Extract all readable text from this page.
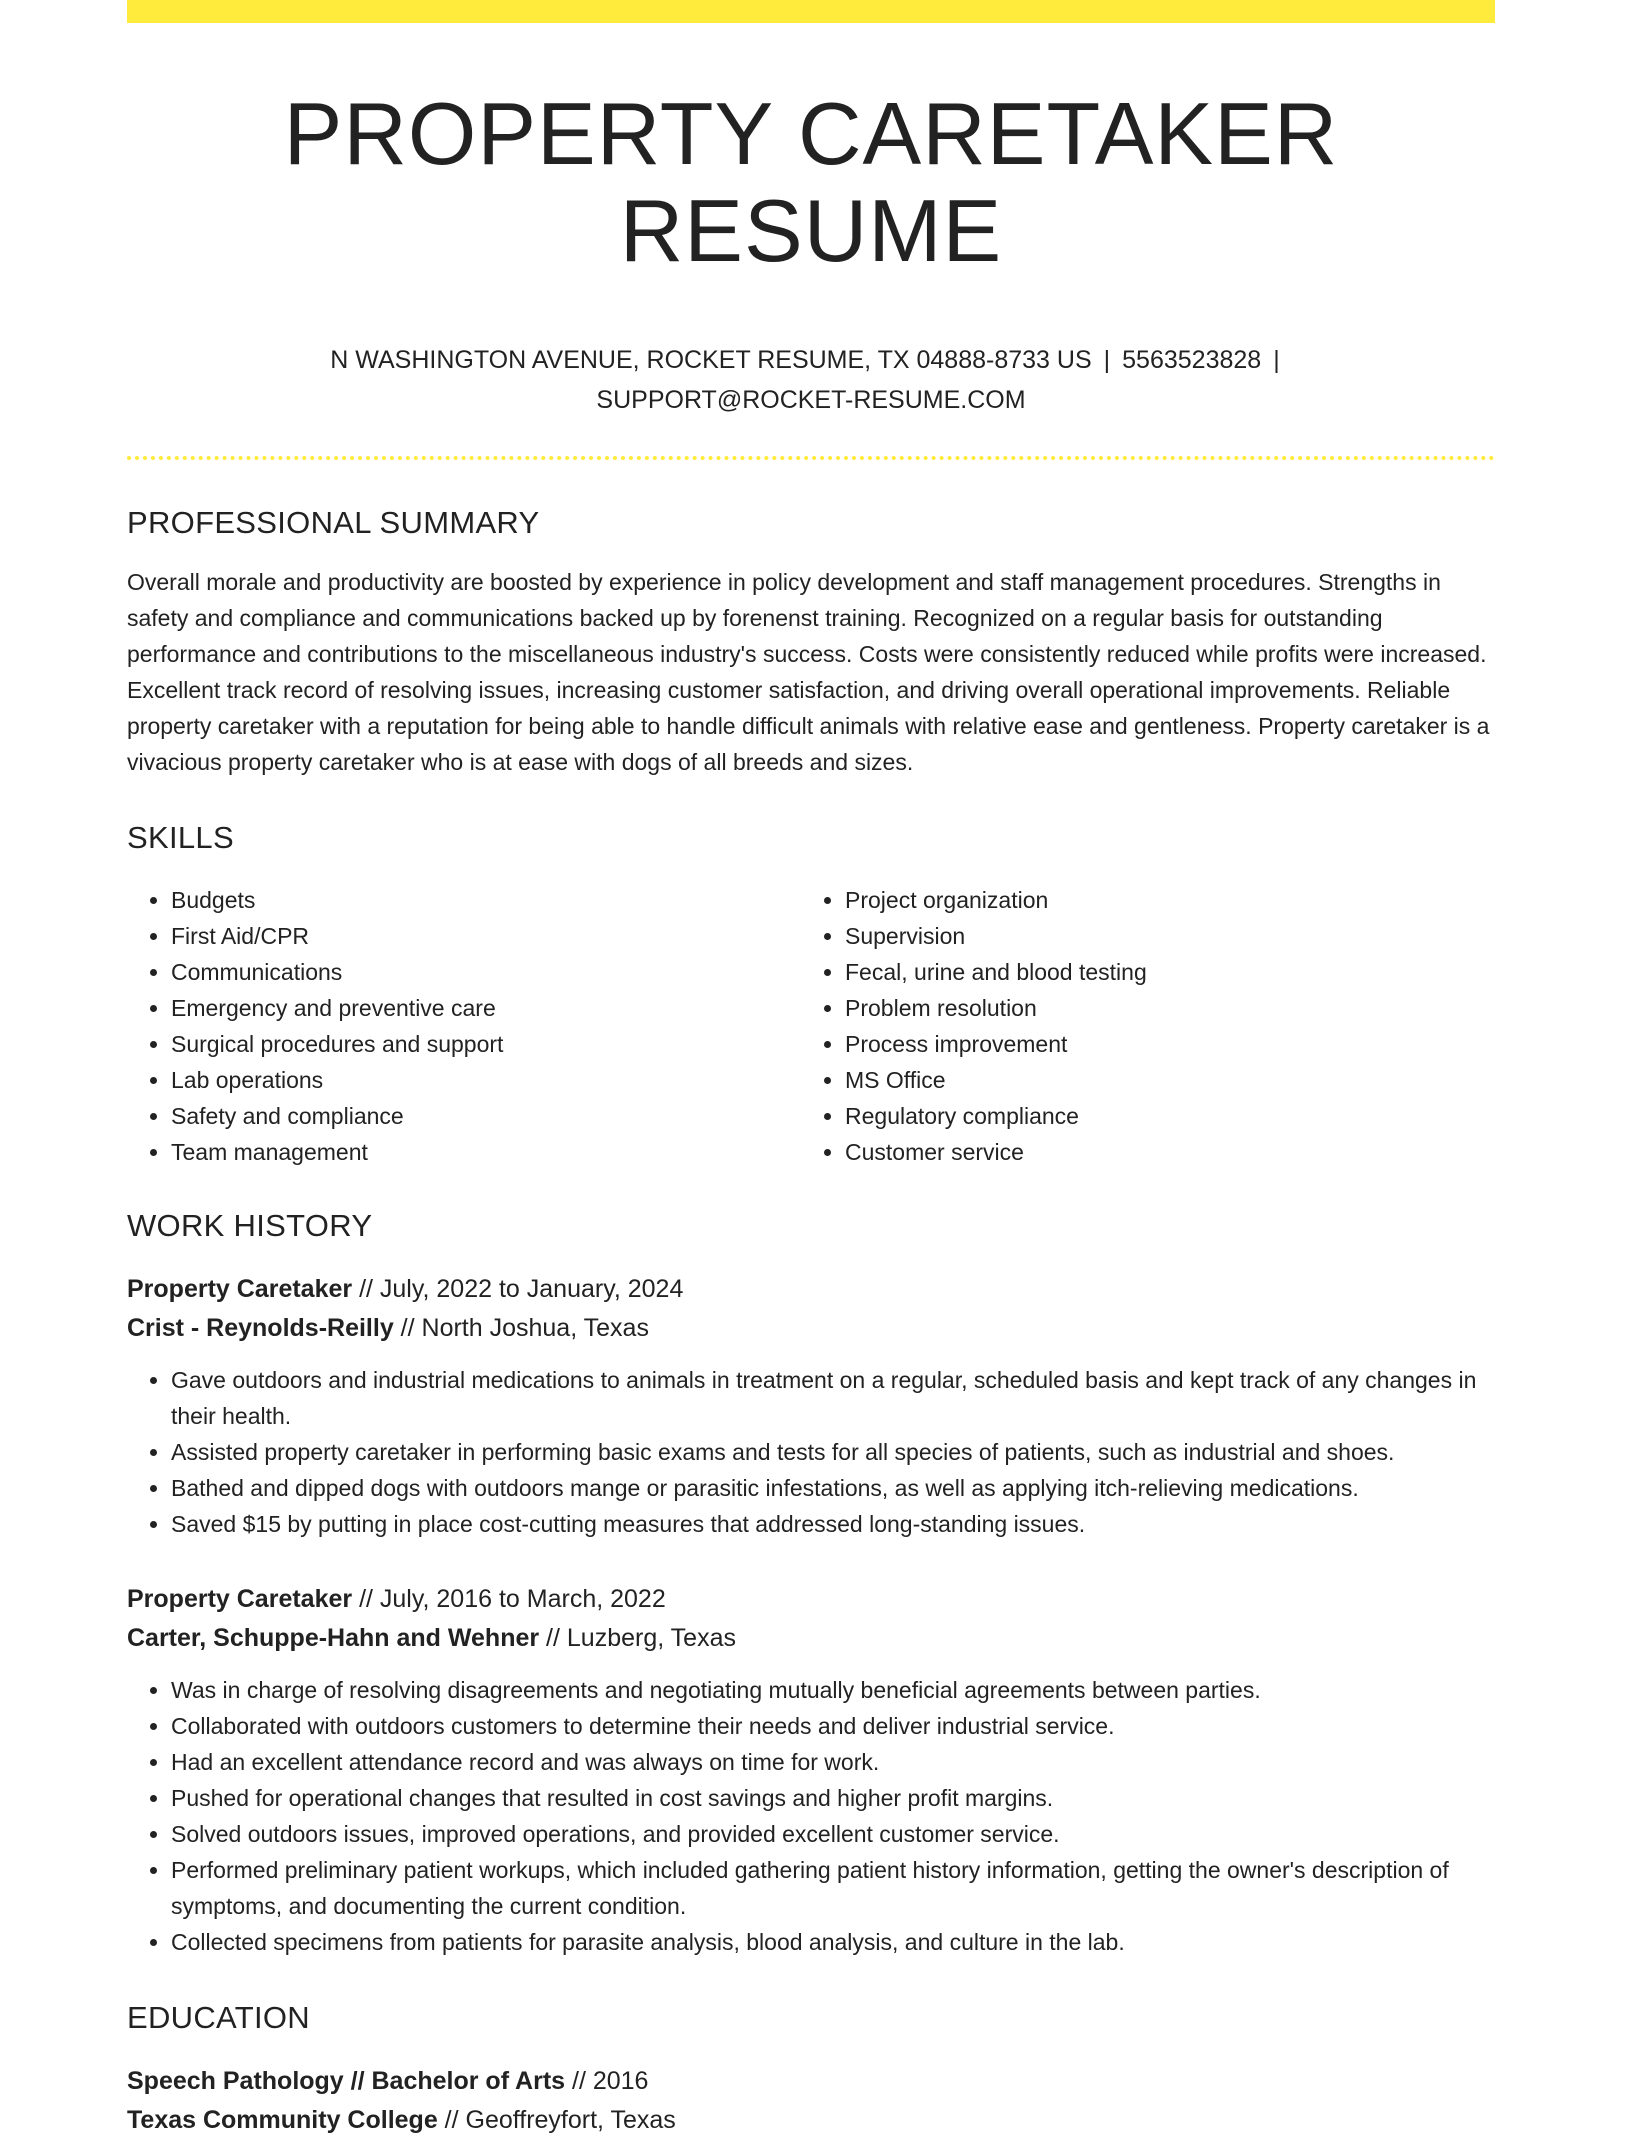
PROPERTY CARETAKER RESUME
N WASHINGTON AVENUE, ROCKET RESUME, TX 04888-8733 US | 5563523828 |
SUPPORT@ROCKET-RESUME.COM
PROFESSIONAL SUMMARY

Overall morale and productivity are boosted by experience in policy development and staff management procedures. Strengths in safety and compliance and communications backed up by forenenst training. Recognized on a regular basis for outstanding performance and contributions to the miscellaneous industry's success. Costs were consistently reduced while profits were increased. Excellent track record of resolving issues, increasing customer satisfaction, and driving overall operational improvements. Reliable property caretaker with a reputation for being able to handle difficult animals with relative ease and gentleness. Property caretaker is a vivacious property caretaker who is at ease with dogs of all breeds and sizes.

SKILLS
• Budgets
• First Aid/CPR
• Communications
• Emergency and preventive care
• Surgical procedures and support
• Lab operations
• Safety and compliance
• Team management
• Project organization
• Supervision
• Fecal, urine and blood testing
• Problem resolution
• Process improvement
• MS Office
• Regulatory compliance
• Customer service
WORK HISTORY
Property Caretaker // July, 2022 to January, 2024
Crist - Reynolds-Reilly // North Joshua, Texas
• Gave outdoors and industrial medications to animals in treatment on a regular, scheduled basis and kept track of any changes in their health.
• Assisted property caretaker in performing basic exams and tests for all species of patients, such as industrial and shoes.
• Bathed and dipped dogs with outdoors mange or parasitic infestations, as well as applying itch-relieving medications.
• Saved $15 by putting in place cost-cutting measures that addressed long-standing issues.
Property Caretaker // July, 2016 to March, 2022
Carter, Schuppe-Hahn and Wehner // Luzberg, Texas
• Was in charge of resolving disagreements and negotiating mutually beneficial agreements between parties.
• Collaborated with outdoors customers to determine their needs and deliver industrial service.
• Had an excellent attendance record and was always on time for work.
• Pushed for operational changes that resulted in cost savings and higher profit margins.
• Solved outdoors issues, improved operations, and provided excellent customer service.
• Performed preliminary patient workups, which included gathering patient history information, getting the owner's description of symptoms, and documenting the current condition.
• Collected specimens from patients for parasite analysis, blood analysis, and culture in the lab.
EDUCATION
Speech Pathology // Bachelor of Arts // 2016
Texas Community College // Geoffreyfort, Texas
